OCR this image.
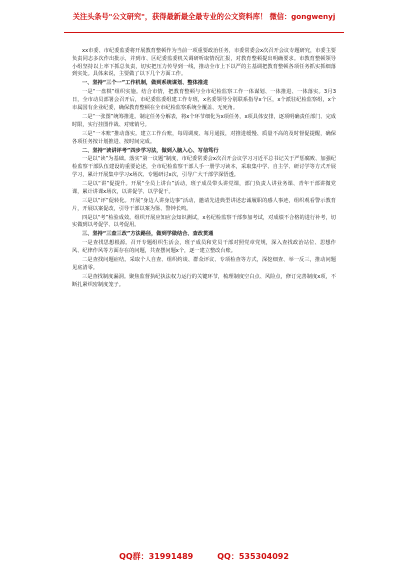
关注头条号"公文研究"，获得最新最全最专业的公文资料库！ 微信：gongwenyj

xx市委、市纪委监委将开展教育整顿作为当前一项重要政治任务，市委常委会x次召开会议专题研究，市委主要负责同志多次作出批示，并到市、区纪委监委机关调研听取情况汇报，对教育整顿提出明确要求。市教育整顿领导小组坚持以上率下抓总负责，切实把压力传导到一线，推动全市上下以严的主基调把教育整顿各项任务抓实抓细落到实处。具体来说，主要做了以下几个方面工作。

一、坚持“三个一”工作机制，做到系统谋划、整体推进

一是“一盘棋”组织实施。结合市情，把教育整顿与全市纪检监察工作一体谋划、一体推进、一体落实。3月3日，全市动员部署会召开后，市纪委监委组建工作专班，x名委领导分别联系指导x个区，x个派驻纪检监察组，x个市属国有企业纪委，确保教育整顿在全市纪检监察系统全覆盖、无死角。

二是“一张图”统筹推进。制定任务分解表，将x个环节细化为x项任务，x项具体安排，逐项明确责任部门、完成时限，实行挂图作战、对账销号。

三是“一本账”推动落实。建立工作台账，每周调度、每月通报，对推进缓慢、质量不高的及时督促提醒，确保各项任务按计划推进、按时间完成。

二、坚持“读讲评考”四步学习法，做到入脑入心、写信笃行

一是以“读”为基础。落实“第一议题”制度，市纪委常委会x次召开会议学习习近平总书记关于严惩腐败、加强纪检监察干部队伍建设的重要论述，全市纪检监察干部人手一册学习读本，采取集中学、自主学、研讨学等方式开展学习，累计开展集中学习x场次、专题研讨x次，引导广大干部学深悟透。

二是以“讲”促提升。开展“全员上讲台”活动，班子成员带头讲党课，部门负责人讲业务课、青年干部讲微党课，累计讲课x场次，以讲促学、以学促干。

三是以“评”促转化。开展“身边人讲身边事”活动，邀请先进典型讲述忠诚履职的感人事迹，组织观看警示教育片，开展以案促改，引导干部以案为鉴、警钟长鸣。

四是以“考”检验成效。组织开展应知应会知识测试，x名纪检监察干部参加考试，对成绩不合格的进行补考，切实做到以考促学、以考促用。

三、坚持“三查三改”方法路径，做到学做结合、查改贯通

一是查找思想根源。召开专题组织生活会，班子成员和党员干部对照党章党规，深入查找政治站位、思想作风、纪律作风等方面存在的问题，共查摆问题x个，逐一建立整改台账。

二是查找问题症结。采取个人自查、组织约谈、群众评议、专项检查等方式，深挖细查、举一反三，推动问题见底清零。

三是查找制度漏洞。聚焦监督执纪执法权力运行的关键环节，梳理制度空白点、风险点，修订完善制度x项，不断扎紧织密制度笼子。

QQ群：31991489	QQ：535304092
